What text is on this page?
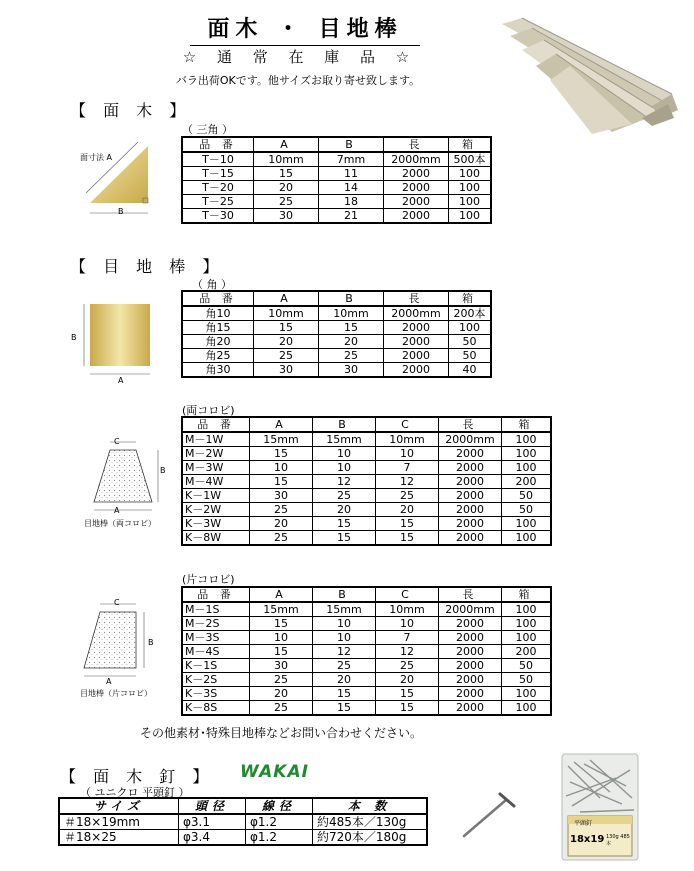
面木 ・ 目地棒
☆ 通 常 在 庫 品 ☆
バラ出荷OKです。他サイズお取り寄せ致します。
【 面 木 】
（ 三角 ）
面寸法 A
B
品 番	A	B	長	箱
T－10	10mm	7mm	2000mm	500本
T－15	15	11	2000	100
T－20	20	14	2000	100
T－25	25	18	2000	100
T－30	30	21	2000	100
【 目 地 棒 】
（ 角 ）
B
A
品 番	A	B	長	箱
角10	10mm	10mm	2000mm	200本
角15	15	15	2000	100
角20	20	20	2000	50
角25	25	25	2000	50
角30	30	30	2000	40
(両コロビ)
C
B
A
目地棒（両コロビ）
品 番	A	B	C	長	箱
M－1W	15mm	15mm	10mm	2000mm	100
M－2W	15	10	10	2000	100
M－3W	10	10	7	2000	100
M－4W	15	12	12	2000	200
K－1W	30	25	25	2000	50
K－2W	25	20	20	2000	50
K－3W	20	15	15	2000	100
K－8W	25	15	15	2000	100
(片コロビ)
C
B
A
目地棒（片コロビ）
品 番	A	B	C	長	箱
M－1S	15mm	15mm	10mm	2000mm	100
M－2S	15	10	10	2000	100
M－3S	10	10	7	2000	100
M－4S	15	12	12	2000	200
K－1S	30	25	25	2000	50
K－2S	25	20	20	2000	50
K－3S	20	15	15	2000	100
K－8S	25	15	15	2000	100
その他素材･特殊目地棒などお問い合わせください。
【 面 木 釘 】 WAKAI
（ ユニクロ 平頭釘 ）
サイズ	頭径	線径	本 数
＃18×19mm	φ3.1	φ1.2	約485本／130g
＃18×25	φ3.4	φ1.2	約720本／180g
平頭釘
18x19 130g 485本
